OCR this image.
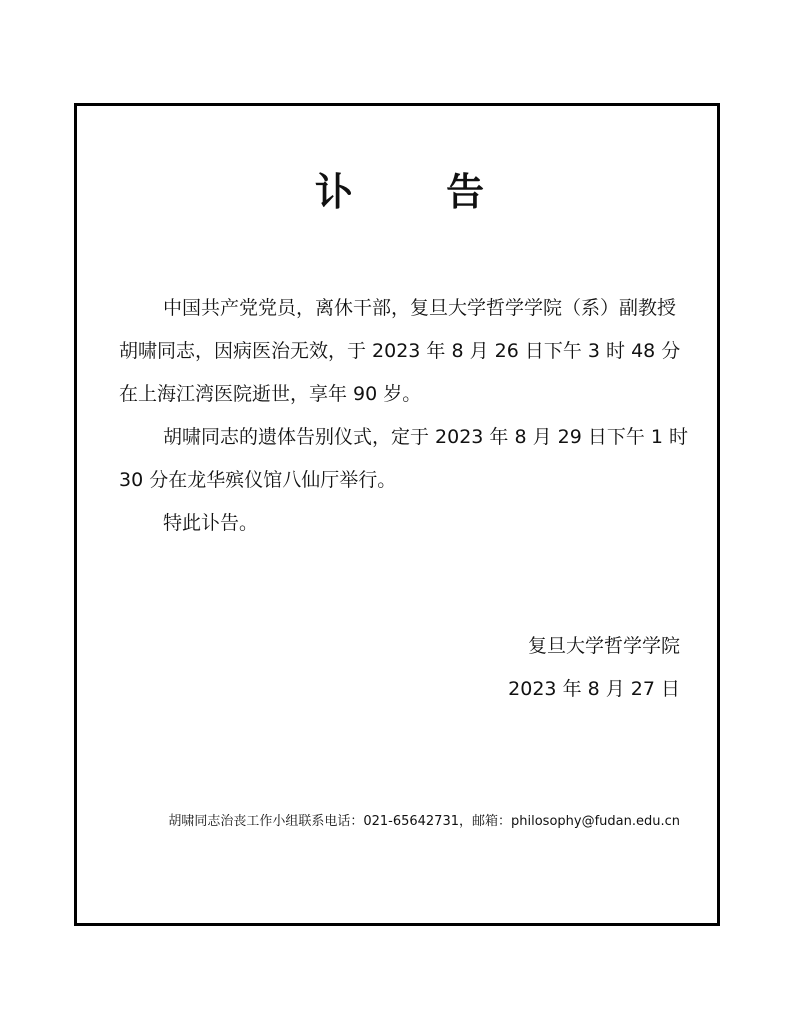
讣 告

中国共产党党员，离休干部，复旦大学哲学学院（系）副教授胡啸同志，因病医治无效，于 2023 年 8 月 26 日下午 3 时 48 分在上海江湾医院逝世，享年 90 岁。

胡啸同志的遗体告别仪式，定于 2023 年 8 月 29 日下午 1 时 30 分在龙华殡仪馆八仙厅举行。

特此讣告。

复旦大学哲学学院
2023 年 8 月 27 日
胡啸同志治丧工作小组联系电话：021-65642731，邮箱：philosophy@fudan.edu.cn
